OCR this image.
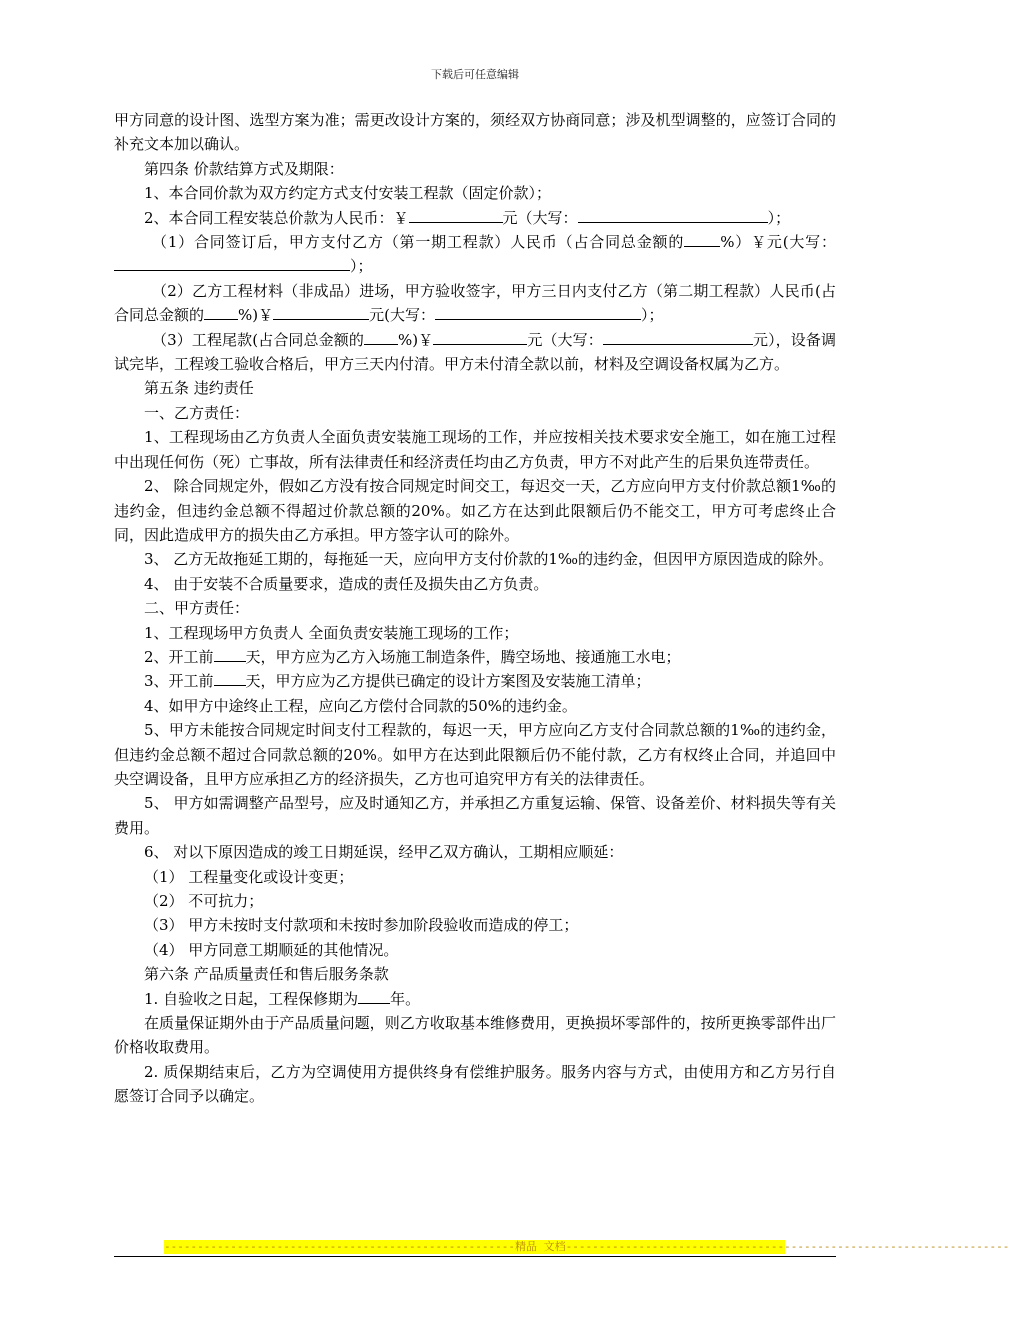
下载后可任意编辑

甲方同意的设计图、选型方案为准；需更改设计方案的，须经双方协商同意；涉及机型调整的，应签订合同的补充文本加以确认。

第四条 价款结算方式及期限：

1、本合同价款为双方约定方式支付安装工程款（固定价款）；

2、本合同工程安装总价款为人民币：￥	元（大写：	）；

（1）合同签订后，甲方支付乙方（第一期工程款）人民币（占合同总金额的 %）￥元(大写：）；

（2）乙方工程材料（非成品）进场，甲方验收签字，甲方三日内支付乙方（第二期工程款）人民币(占合同总金额的 %)￥	元(大写：	）；

（3）工程尾款(占合同总金额的 %)￥	元（大写：	元），设备调试完毕，工程竣工验收合格后，甲方三天内付清。甲方未付清全款以前，材料及空调设备权属为乙方。

第五条 违约责任

一、乙方责任：

1、工程现场由乙方负责人全面负责安装施工现场的工作，并应按相关技术要求安全施工，如在施工过程中出现任何伤（死）亡事故，所有法律责任和经济责任均由乙方负责，甲方不对此产生的后果负连带责任。

2、 除合同规定外，假如乙方没有按合同规定时间交工，每迟交一天，乙方应向甲方支付价款总额1‰的违约金，但违约金总额不得超过价款总额的20%。如乙方在达到此限额后仍不能交工，甲方可考虑终止合同，因此造成甲方的损失由乙方承担。甲方签字认可的除外。

3、 乙方无故拖延工期的，每拖延一天，应向甲方支付价款的1‰的违约金，但因甲方原因造成的除外。

4、 由于安装不合质量要求，造成的责任及损失由乙方负责。

二、甲方责任：

1、工程现场甲方负责人 全面负责安装施工现场的工作；

2、开工前 天，甲方应为乙方入场施工制造条件，腾空场地、接通施工水电；

3、开工前 天，甲方应为乙方提供已确定的设计方案图及安装施工清单；

4、如甲方中途终止工程，应向乙方偿付合同款的50%的违约金。

5、甲方未能按合同规定时间支付工程款的，每迟一天，甲方应向乙方支付合同款总额的1‰的违约金，但违约金总额不超过合同款总额的20%。如甲方在达到此限额后仍不能付款，乙方有权终止合同，并追回中央空调设备，且甲方应承担乙方的经济损失，乙方也可追究甲方有关的法律责任。

5、 甲方如需调整产品型号，应及时通知乙方，并承担乙方重复运输、保管、设备差价、材料损失等有关费用。

6、 对以下原因造成的竣工日期延误，经甲乙双方确认，工期相应顺延：

（1） 工程量变化或设计变更；

（2） 不可抗力；

（3） 甲方未按时支付款项和未按时参加阶段验收而造成的停工；

（4） 甲方同意工期顺延的其他情况。

第六条 产品质量责任和售后服务条款

1. 自验收之日起，工程保修期为 年。

在质量保证期外由于产品质量问题，则乙方收取基本维修费用，更换损坏零部件的，按所更换零部件出厂价格收取费用。

2. 质保期结束后，乙方为空调使用方提供终身有偿维护服务。服务内容与方式，由使用方和乙方另行自愿签订合同予以确定。

-----------------------------------------------------精品 文档-------------------------------------------------------------------
